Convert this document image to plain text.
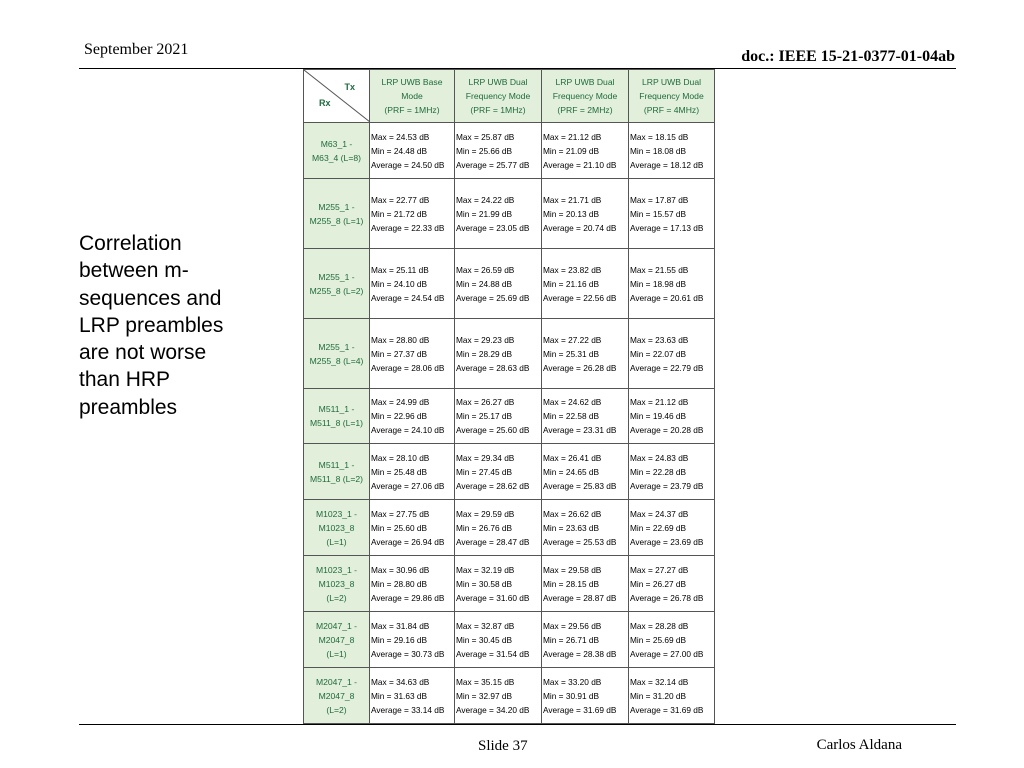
September 2021	doc.: IEEE 15-21-0377-01-04ab
Correlation
between m-
sequences and
LRP preambles
are not worse
than HRP
preambles
Tx
Rx	LRP UWB Base
Mode
(PRF = 1MHz)	LRP UWB Dual
Frequency Mode
(PRF = 1MHz)	LRP UWB Dual
Frequency Mode
(PRF = 2MHz)	LRP UWB Dual
Frequency Mode
(PRF = 4MHz)

M63_1 -
M63_4 (L=8)	Max = 24.53 dB
Min = 24.48 dB
Average = 24.50 dB	Max = 25.87 dB
Min = 25.66 dB
Average = 25.77 dB	Max = 21.12 dB
Min = 21.09 dB
Average = 21.10 dB	Max = 18.15 dB
Min = 18.08 dB
Average = 18.12 dB

M255_1 -
M255_8 (L=1)	Max = 22.77 dB
Min = 21.72 dB
Average = 22.33 dB	Max = 24.22 dB
Min = 21.99 dB
Average = 23.05 dB	Max = 21.71 dB
Min = 20.13 dB
Average = 20.74 dB	Max = 17.87 dB
Min = 15.57 dB
Average = 17.13 dB

M255_1 -
M255_8 (L=2)	Max = 25.11 dB
Min = 24.10 dB
Average = 24.54 dB	Max = 26.59 dB
Min = 24.88 dB
Average = 25.69 dB	Max = 23.82 dB
Min = 21.16 dB
Average = 22.56 dB	Max = 21.55 dB
Min = 18.98 dB
Average = 20.61 dB

M255_1 -
M255_8 (L=4)	Max = 28.80 dB
Min = 27.37 dB
Average = 28.06 dB	Max = 29.23 dB
Min = 28.29 dB
Average = 28.63 dB	Max = 27.22 dB
Min = 25.31 dB
Average = 26.28 dB	Max = 23.63 dB
Min = 22.07 dB
Average = 22.79 dB

M511_1 -
M511_8 (L=1)	Max = 24.99 dB
Min = 22.96 dB
Average = 24.10 dB	Max = 26.27 dB
Min = 25.17 dB
Average = 25.60 dB	Max = 24.62 dB
Min = 22.58 dB
Average = 23.31 dB	Max = 21.12 dB
Min = 19.46 dB
Average = 20.28 dB

M511_1 -
M511_8 (L=2)	Max = 28.10 dB
Min = 25.48 dB
Average = 27.06 dB	Max = 29.34 dB
Min = 27.45 dB
Average = 28.62 dB	Max = 26.41 dB
Min = 24.65 dB
Average = 25.83 dB	Max = 24.83 dB
Min = 22.28 dB
Average = 23.79 dB

M1023_1 -
M1023_8
(L=1)	Max = 27.75 dB
Min = 25.60 dB
Average = 26.94 dB	Max = 29.59 dB
Min = 26.76 dB
Average = 28.47 dB	Max = 26.62 dB
Min = 23.63 dB
Average = 25.53 dB	Max = 24.37 dB
Min = 22.69 dB
Average = 23.69 dB

M1023_1 -
M1023_8
(L=2)	Max = 30.96 dB
Min = 28.80 dB
Average = 29.86 dB	Max = 32.19 dB
Min = 30.58 dB
Average = 31.60 dB	Max = 29.58 dB
Min = 28.15 dB
Average = 28.87 dB	Max = 27.27 dB
Min = 26.27 dB
Average = 26.78 dB

M2047_1 -
M2047_8
(L=1)	Max = 31.84 dB
Min = 29.16 dB
Average = 30.73 dB	Max = 32.87 dB
Min = 30.45 dB
Average = 31.54 dB	Max = 29.56 dB
Min = 26.71 dB
Average = 28.38 dB	Max = 28.28 dB
Min = 25.69 dB
Average = 27.00 dB

M2047_1 -
M2047_8
(L=2)	Max = 34.63 dB
Min = 31.63 dB
Average = 33.14 dB	Max = 35.15 dB
Min = 32.97 dB
Average = 34.20 dB	Max = 33.20 dB
Min = 30.91 dB
Average = 31.69 dB	Max = 32.14 dB
Min = 31.20 dB
Average = 31.69 dB
Slide 37	Carlos Aldana
